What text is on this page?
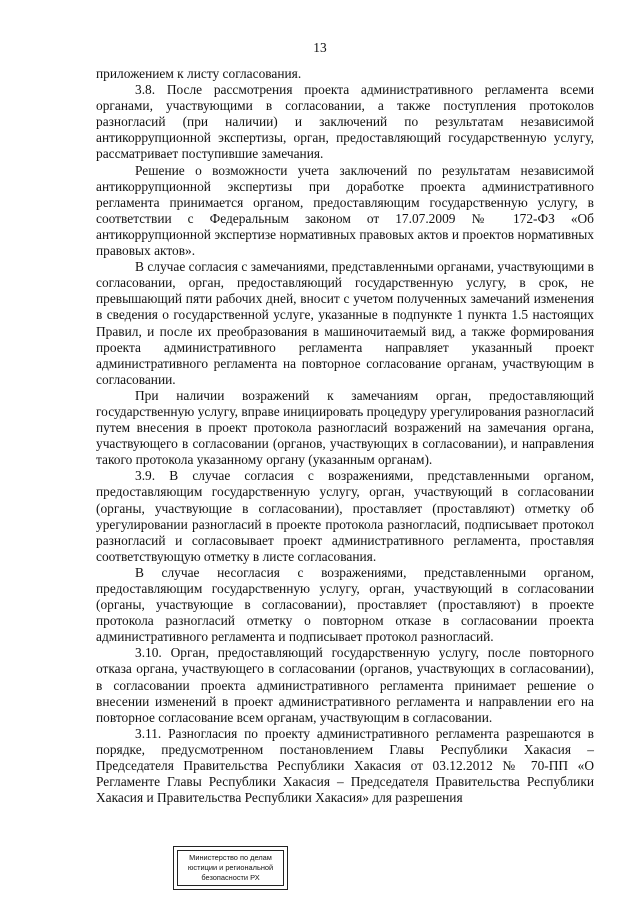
13

приложением к листу согласования.

3.8. После рассмотрения проекта административного регламента всеми органами, участвующими в согласовании, а также поступления протоколов разногласий (при наличии) и заключений по результатам независимой антикоррупционной экспертизы, орган, предоставляющий государственную услугу, рассматривает поступившие замечания.

Решение о возможности учета заключений по результатам независимой антикоррупционной экспертизы при доработке проекта административного регламента принимается органом, предоставляющим государственную услугу, в соответствии с Федеральным законом от 17.07.2009 № 172-ФЗ «Об антикоррупционной экспертизе нормативных правовых актов и проектов нормативных правовых актов».

В случае согласия с замечаниями, представленными органами, участвующими в согласовании, орган, предоставляющий государственную услугу, в срок, не превышающий пяти рабочих дней, вносит с учетом полученных замечаний изменения в сведения о государственной услуге, указанные в подпункте 1 пункта 1.5 настоящих Правил, и после их преобразования в машиночитаемый вид, а также формирования проекта административного регламента направляет указанный проект административного регламента на повторное согласование органам, участвующим в согласовании.

При наличии возражений к замечаниям орган, предоставляющий государственную услугу, вправе инициировать процедуру урегулирования разногласий путем внесения в проект протокола разногласий возражений на замечания органа, участвующего в согласовании (органов, участвующих в согласовании), и направления такого протокола указанному органу (указанным органам).

3.9. В случае согласия с возражениями, представленными органом, предоставляющим государственную услугу, орган, участвующий в согласовании (органы, участвующие в согласовании), проставляет (проставляют) отметку об урегулировании разногласий в проекте протокола разногласий, подписывает протокол разногласий и согласовывает проект административного регламента, проставляя соответствующую отметку в листе согласования.

В случае несогласия с возражениями, представленными органом, предоставляющим государственную услугу, орган, участвующий в согласовании (органы, участвующие в согласовании), проставляет (проставляют) в проекте протокола разногласий отметку о повторном отказе в согласовании проекта административного регламента и подписывает протокол разногласий.

3.10. Орган, предоставляющий государственную услугу, после повторного отказа органа, участвующего в согласовании (органов, участвующих в согласовании), в согласовании проекта административного регламента принимает решение о внесении изменений в проект административного регламента и направлении его на повторное согласование всем органам, участвующим в согласовании.

3.11. Разногласия по проекту административного регламента разрешаются в порядке, предусмотренном постановлением Главы Республики Хакасия – Председателя Правительства Республики Хакасия от 03.12.2012 № 70-ПП «О Регламенте Главы Республики Хакасия – Председателя Правительства Республики Хакасия и Правительства Республики Хакасия» для разрешения

Министерство по делам
юстиции и региональной
безопасности РХ
